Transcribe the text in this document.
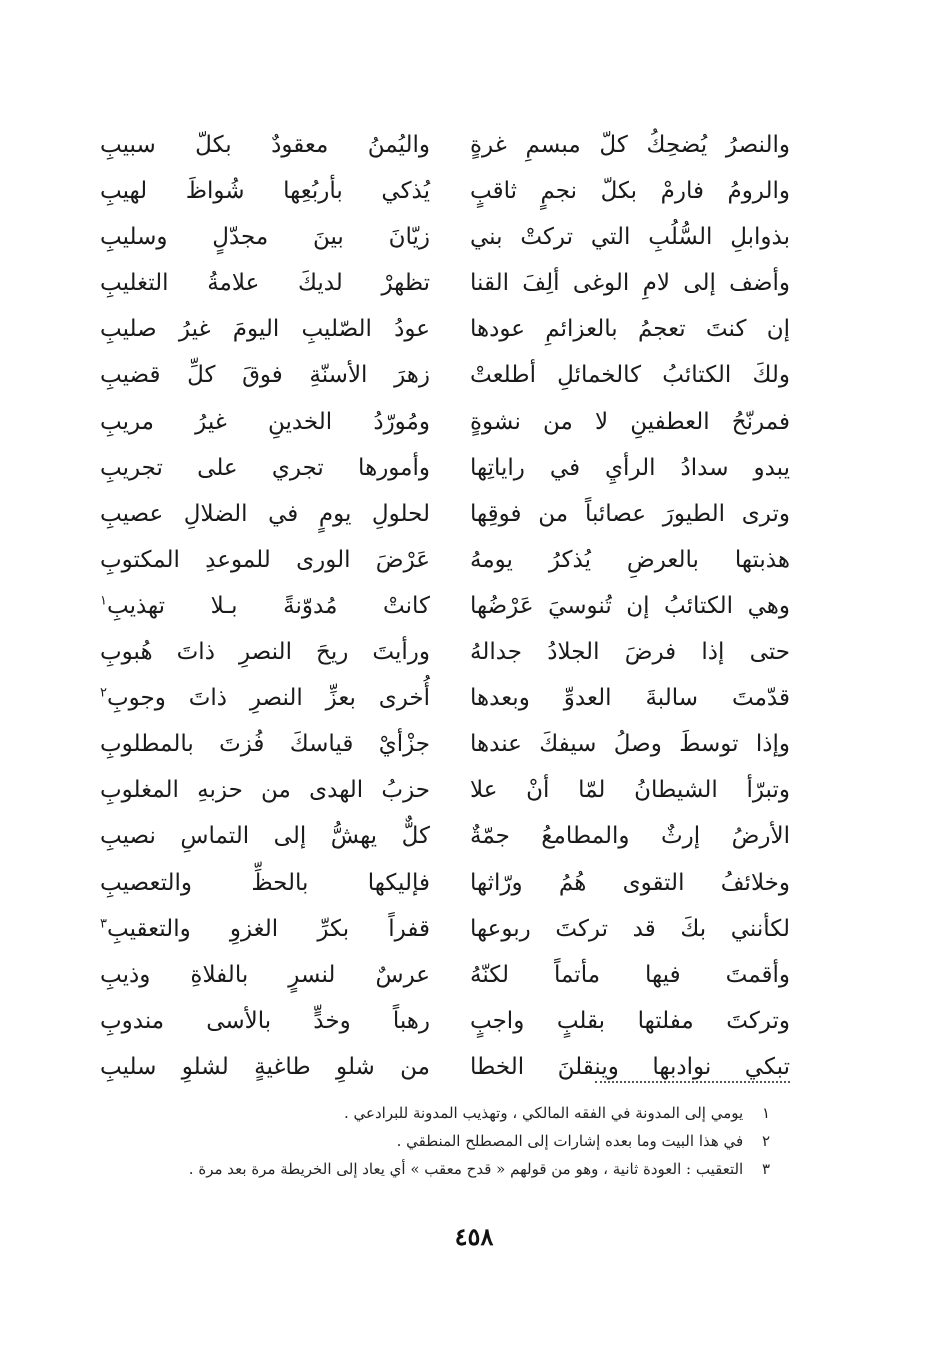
والنصرُ يُضحِكُ كلّ مبسمِ غرةٍ
واليُمنُ معقودٌ بكلّ سبيبِ
والرومُ فارمْ بكلّ نجمٍ ثاقبٍ
يُذكي بأربُعِها شُواظَ لهيبِ
بذوابلِ السُّلُبِ التي تركتْ بني
زيّانَ بينَ مجدّلٍ وسليبِ
وأضف إلى لامِ الوغى ألِفَ القنا
تظهرْ لديكَ علامةُ التغليبِ
إن كنتَ تعجمُ بالعزائمِ عودها
عودُ الصّليبِ اليومَ غيرُ صليبِ
ولكَ الكتائبُ كالخمائلِ أطلعتْ
زهرَ الأسنّةِ فوقَ كلِّ قضيبِ
فمرنّحُ العطفينِ لا من نشوةٍ
ومُورّدُ الخدينِ غيرُ مريبِ
يبدو سدادُ الرأيِ في راياتِها
وأمورها تجري على تجريبِ
وترى الطيورَ عصائباً من فوقِها
لحلولِ يومٍ في الضلالِ عصيبِ
هذبتها بالعرضِ يُذكرُ يومهُ
عَرْضَ الورى للموعدِ المكتوبِ
وهي الكتائبُ إن تُنوسيَ عَرْضُها
كانتْ مُدوّنةً بـلا تهذيبِ$^١$
حتى إذا فرضَ الجلادُ جدالهُ
ورأيتَ ريحَ النصرِ ذاتَ هُبوبِ
قدّمتَ سالبةَ العدوِّ وبعدها
أُخرى بعزِّ النصرِ ذاتَ وجوبِ$^٢$
وإذا توسطَ وصلُ سيفكَ عندها
جزْأيْ قياسكَ فُزتَ بالمطلوبِ
وتبرّأ الشيطانُ لمّا أنْ علا
حزبُ الهدى من حزبهِ المغلوبِ
الأرضُ إرثٌ والمطامعُ جمّةٌ
كلٌّ يهشُّ إلى التماسِ نصيبِ
وخلائفُ التقوى هُمُ ورّاثها
فإليكها بالحظِّ والتعصيبِ
لكأنني بكَ قد تركتَ ربوعها
قفراً بكرِّ الغزوِ والتعقيبِ$^٣$
وأقمتَ فيها مأتماً لكنّهُ
عرسٌ لنسرٍ بالفلاةِ وذيبِ
وتركتَ مفلتها بقلبٍ واجبٍ
رهباً وخدٍّ بالأسى مندوبِ
تبكي نوادبها وينقلنَ الخطا
من شلوِ طاغيةٍ لشلوِ سليبِ
١ يومي إلى المدونة في الفقه المالكي ، وتهذيب المدونة للبرادعي .
٢ في هذا البيت وما بعده إشارات إلى المصطلح المنطقي .
٣ التعقيب : العودة ثانية ، وهو من قولهم « قدح معقب » أي يعاد إلى الخريطة مرة بعد مرة .
٤٥٨
